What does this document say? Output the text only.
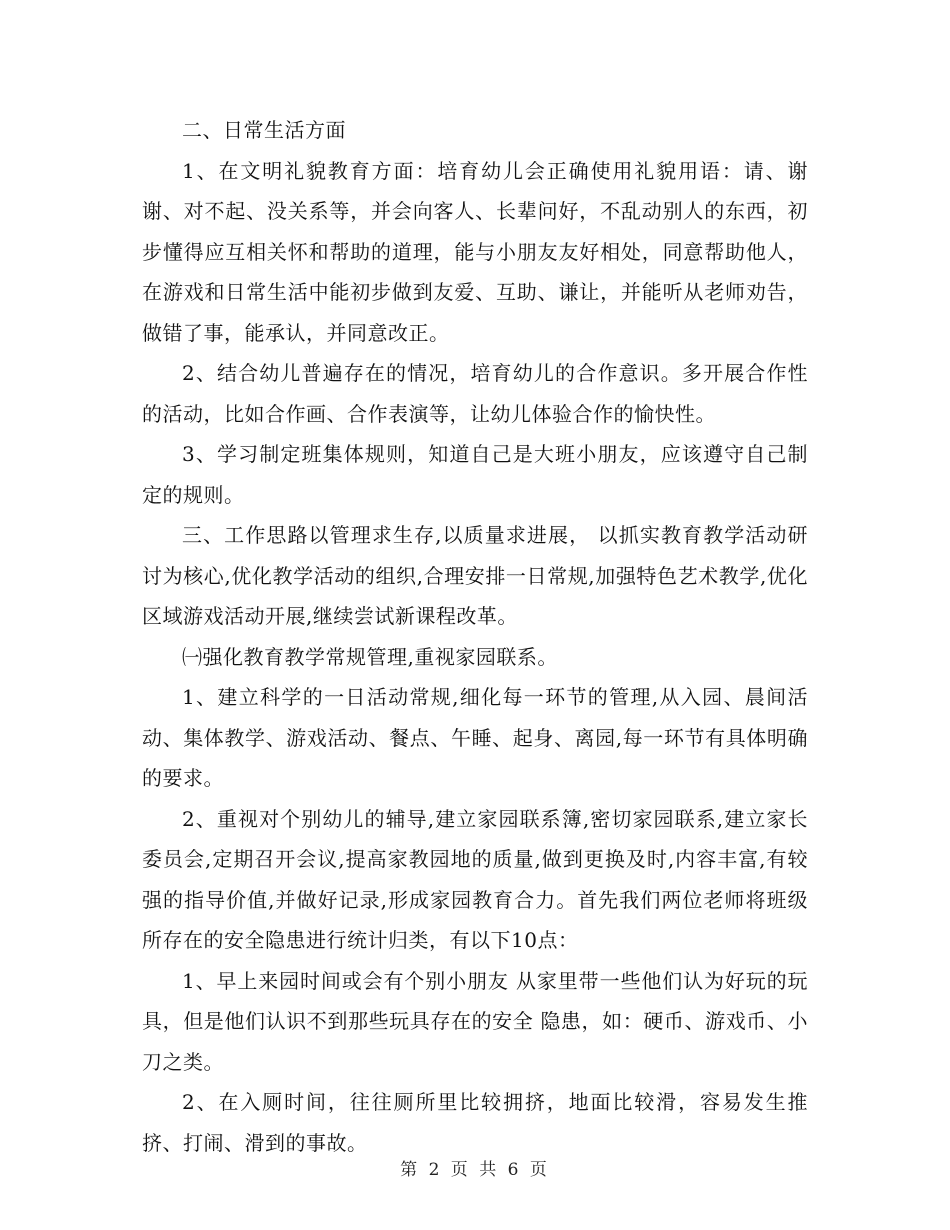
二、日常生活方面

1、在文明礼貌教育方面：培育幼儿会正确使用礼貌用语：请、谢谢、对不起、没关系等，并会向客人、长辈问好，不乱动别人的东西，初步懂得应互相关怀和帮助的道理，能与小朋友友好相处，同意帮助他人，在游戏和日常生活中能初步做到友爱、互助、谦让，并能听从老师劝告，做错了事，能承认，并同意改正。

2、结合幼儿普遍存在的情况，培育幼儿的合作意识。多开展合作性的活动，比如合作画、合作表演等，让幼儿体验合作的愉快性。

3、学习制定班集体规则，知道自己是大班小朋友，应该遵守自己制定的规则。

三、工作思路以管理求生存,以质量求进展， 以抓实教育教学活动研讨为核心,优化教学活动的组织,合理安排一日常规,加强特色艺术教学,优化区域游戏活动开展,继续尝试新课程改革。

㈠强化教育教学常规管理,重视家园联系。

1、建立科学的一日活动常规,细化每一环节的管理,从入园、晨间活动、集体教学、游戏活动、餐点、午睡、起身、离园,每一环节有具体明确的要求。

2、重视对个别幼儿的辅导,建立家园联系簿,密切家园联系,建立家长委员会,定期召开会议,提高家教园地的质量,做到更换及时,内容丰富,有较强的指导价值,并做好记录,形成家园教育合力。首先我们两位老师将班级所存在的安全隐患进行统计归类，有以下10点：

1、早上来园时间或会有个别小朋友 从家里带一些他们认为好玩的玩具，但是他们认识不到那些玩具存在的安全 隐患，如：硬币、游戏币、小刀之类。

2、在入厕时间，往往厕所里比较拥挤，地面比较滑，容易发生推挤、打闹、滑到的事故。

第 2 页 共 6 页
